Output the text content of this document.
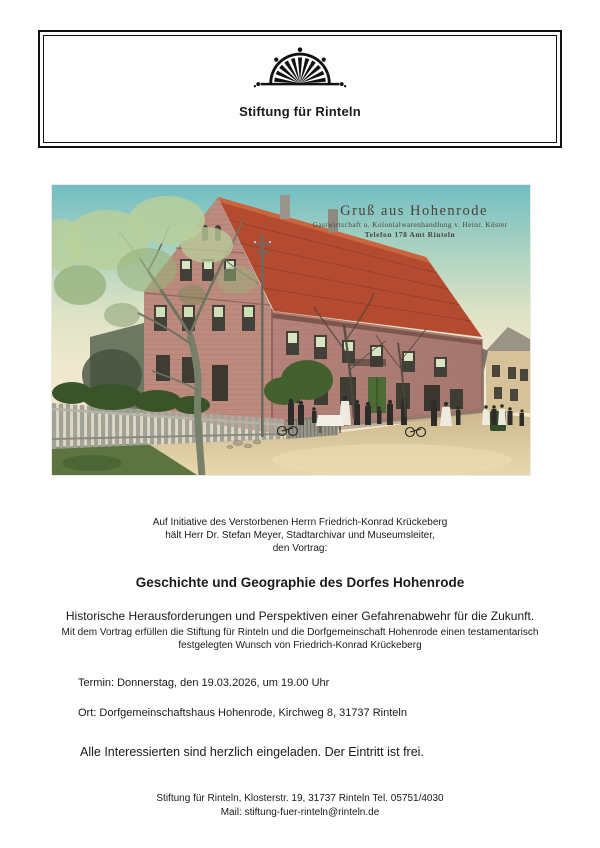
Stiftung für Rinteln
Gruß aus Hohenrode
Gastwirtschaft u. Kolonialwarenhandlung v. Heinr. Küster
Telefon 178 Amt Rinteln
Auf Initiative des Verstorbenen Herrn Friedrich-Konrad Krückeberg
hält Herr Dr. Stefan Meyer, Stadtarchivar und Museumsleiter,
den Vortrag:
Geschichte und Geographie des Dorfes Hohenrode
Historische Herausforderungen und Perspektiven einer Gefahrenabwehr für die Zukunft.
Mit dem Vortrag erfüllen die Stiftung für Rinteln und die Dorfgemeinschaft Hohenrode einen testamentarisch
festgelegten Wunsch von Friedrich-Konrad Krückeberg
Termin: Donnerstag, den 19.03.2026, um 19.00 Uhr
Ort: Dorfgemeinschaftshaus Hohenrode, Kirchweg 8, 31737 Rinteln
Alle Interessierten sind herzlich eingeladen. Der Eintritt ist frei.
Stiftung für Rinteln, Klosterstr. 19, 31737 Rinteln Tel. 05751/4030
Mail: stiftung-fuer-rinteln@rinteln.de
